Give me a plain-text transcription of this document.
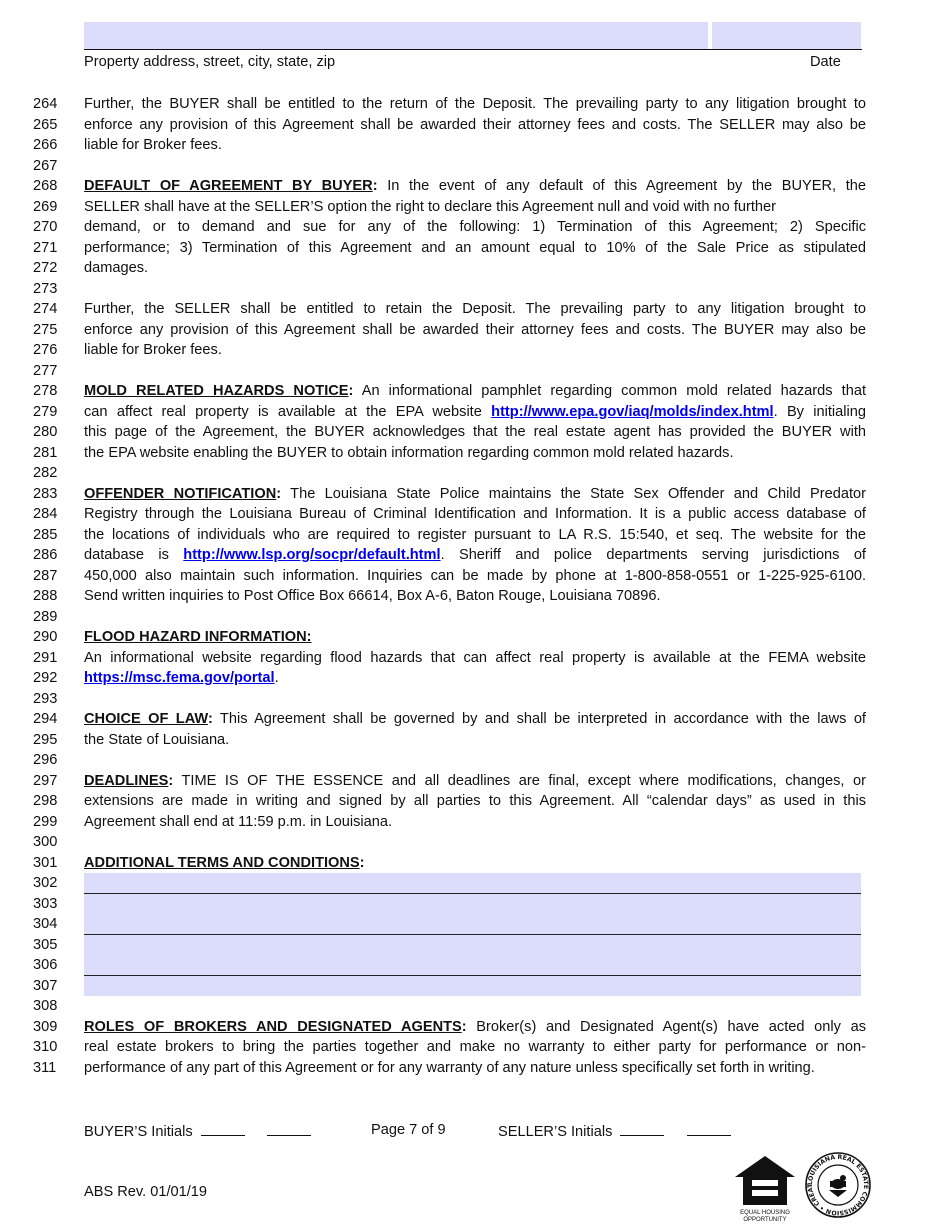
Property address, street, city, state, zip	Date
264	Further, the BUYER shall be entitled to the return of the Deposit. The prevailing party to any litigation brought to
265	enforce any provision of this Agreement shall be awarded their attorney fees and costs. The SELLER may also be
266	liable for Broker fees.
267
268	DEFAULT OF AGREEMENT BY BUYER: In the event of any default of this Agreement by the BUYER, the
269	SELLER shall have at the SELLER’S option the right to declare this Agreement null and void with no further
270	demand, or to demand and sue for any of the following: 1) Termination of this Agreement; 2) Specific
271	performance; 3) Termination of this Agreement and an amount equal to 10% of the Sale Price as stipulated
272	damages.
273
274	Further, the SELLER shall be entitled to retain the Deposit. The prevailing party to any litigation brought to
275	enforce any provision of this Agreement shall be awarded their attorney fees and costs. The BUYER may also be
276	liable for Broker fees.
277
278	MOLD RELATED HAZARDS NOTICE: An informational pamphlet regarding common mold related hazards that
279	can affect real property is available at the EPA website http://www.epa.gov/iaq/molds/index.html. By initialing
280	this page of the Agreement, the BUYER acknowledges that the real estate agent has provided the BUYER with
281	the EPA website enabling the BUYER to obtain information regarding common mold related hazards.
282
283	OFFENDER NOTIFICATION: The Louisiana State Police maintains the State Sex Offender and Child Predator
284	Registry through the Louisiana Bureau of Criminal Identification and Information. It is a public access database of
285	the locations of individuals who are required to register pursuant to LA R.S. 15:540, et seq. The website for the
286	database is http://www.lsp.org/socpr/default.html. Sheriff and police departments serving jurisdictions of
287	450,000 also maintain such information. Inquiries can be made by phone at 1-800-858-0551 or 1-225-925-6100.
288	Send written inquiries to Post Office Box 66614, Box A-6, Baton Rouge, Louisiana 70896.
289
290	FLOOD HAZARD INFORMATION:
291	An informational website regarding flood hazards that can affect real property is available at the FEMA website
292	https://msc.fema.gov/portal.
293
294	CHOICE OF LAW: This Agreement shall be governed by and shall be interpreted in accordance with the laws of
295	the State of Louisiana.
296
297	DEADLINES: TIME IS OF THE ESSENCE and all deadlines are final, except where modifications, changes, or
298	extensions are made in writing and signed by all parties to this Agreement. All “calendar days” as used in this
299	Agreement shall end at 11:59 p.m. in Louisiana.
300
301	ADDITIONAL TERMS AND CONDITIONS:
302
303
304
305
306
307
308
309	ROLES OF BROKERS AND DESIGNATED AGENTS: Broker(s) and Designated Agent(s) have acted only as
310	real estate brokers to bring the parties together and make no warranty to either party for performance or non-
311	performance of any part of this Agreement or for any warranty of any nature unless specifically set forth in writing.
BUYER’S Initials	Page 7 of 9	SELLER’S Initials
ABS Rev. 01/01/19
EQUAL HOUSING
OPPORTUNITY
LOUISIANA REAL ESTATE COMMISSION • CREAT
